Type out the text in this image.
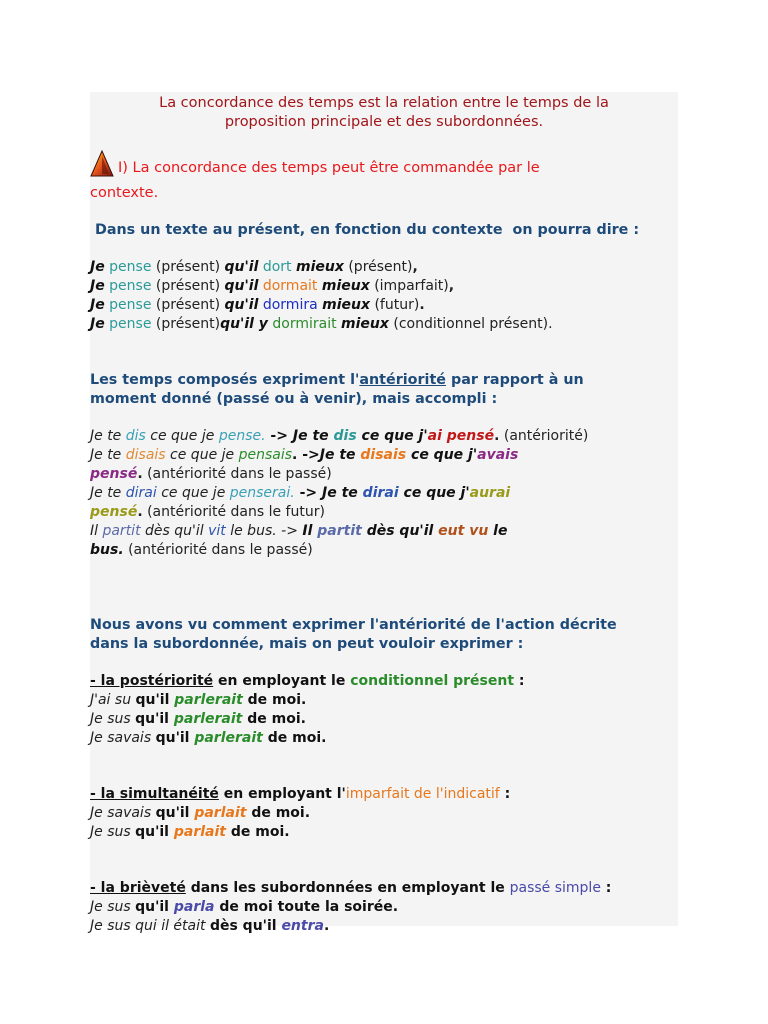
La concordance des temps est la relation entre le temps de la
proposition principale et des subordonnées.
I) La concordance des temps peut être commandée par le
contexte.

Dans un texte au présent, en fonction du contexte  on pourra dire :

Je pense (présent) qu'il dort mieux (présent),
Je pense (présent) qu'il dormait mieux (imparfait),
Je pense (présent) qu'il dormira mieux (futur).
Je pense (présent)qu'il y dormirait mieux (conditionnel présent).
Les temps composés expriment l'antériorité par rapport à un
moment donné (passé ou à venir), mais accompli :
Je te dis ce que je pense. -> Je te dis ce que j'ai pensé. (antériorité)
Je te disais ce que je pensais. ->Je te disais ce que j'avais
pensé. (antériorité dans le passé)
Je te dirai ce que je penserai. -> Je te dirai ce que j'aurai
pensé. (antériorité dans le futur)
Il partit dès qu'il vit le bus. -> Il partit dès qu'il eut vu le
bus. (antériorité dans le passé)
Nous avons vu comment exprimer l'antériorité de l'action décrite
dans la subordonnée, mais on peut vouloir exprimer :
- la postériorité en employant le conditionnel présent :
J'ai su qu'il parlerait de moi.
Je sus qu'il parlerait de moi.
Je savais qu'il parlerait de moi.
- la simultanéité en employant l'imparfait de l'indicatif :
Je savais qu'il parlait de moi.
Je sus qu'il parlait de moi.
- la brièveté dans les subordonnées en employant le passé simple :
Je sus qu'il parla de moi toute la soirée.
Je sus qui il était dès qu'il entra.
